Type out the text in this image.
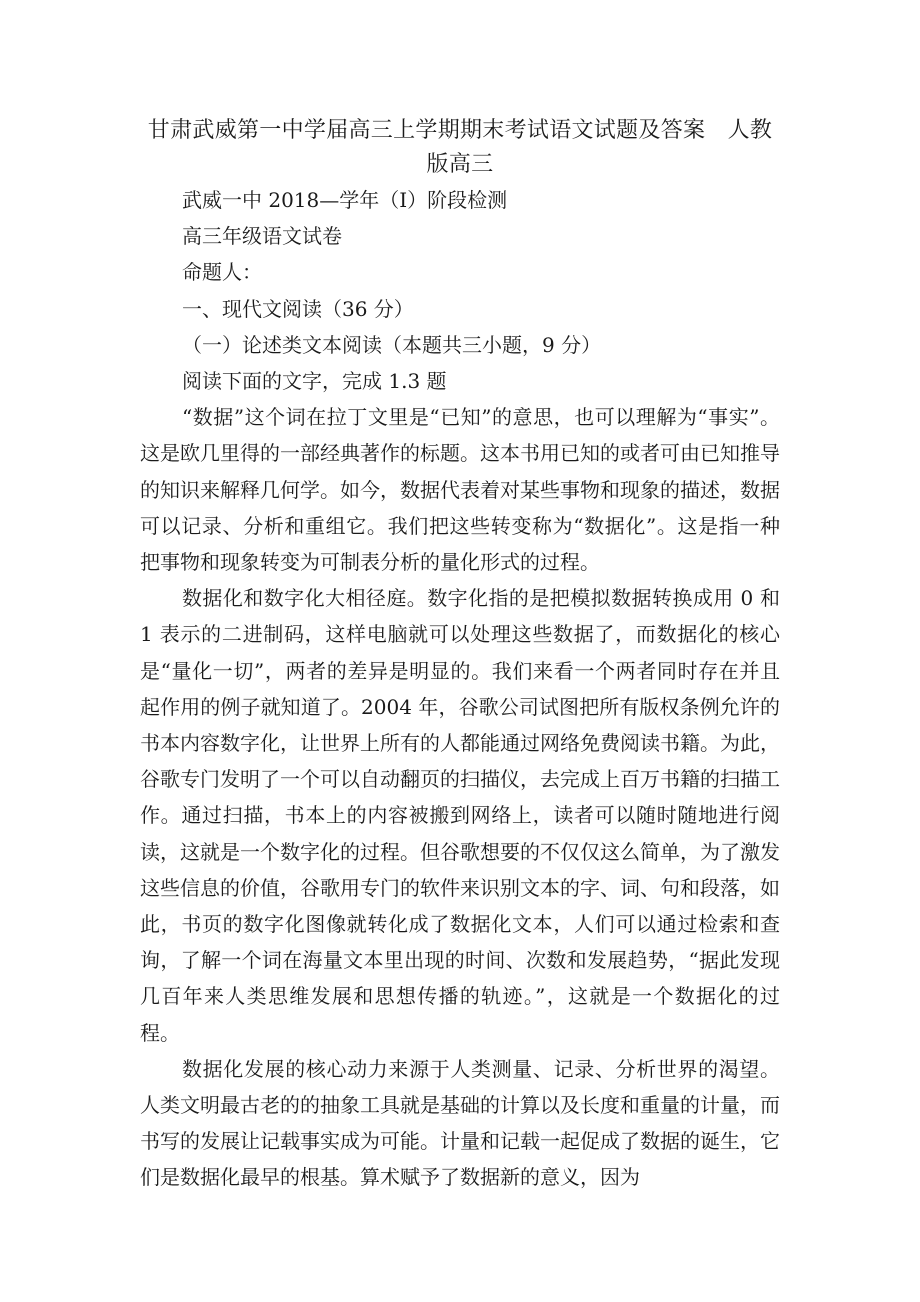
甘肃武威第一中学届高三上学期期末考试语文试题及答案　人教版高三

武威一中 2018—学年（I）阶段检测

高三年级语文试卷

命题人：

一、现代文阅读（36 分）

（一）论述类文本阅读（本题共三小题，9 分）

阅读下面的文字，完成 1.3 题

“数据”这个词在拉丁文里是“已知”的意思，也可以理解为“事实”。这是欧几里得的一部经典著作的标题。这本书用已知的或者可由已知推导的知识来解释几何学。如今，数据代表着对某些事物和现象的描述，数据可以记录、分析和重组它。我们把这些转变称为“数据化”。这是指一种把事物和现象转变为可制表分析的量化形式的过程。

数据化和数字化大相径庭。数字化指的是把模拟数据转换成用 0 和 1 表示的二进制码，这样电脑就可以处理这些数据了，而数据化的核心是“量化一切”，两者的差异是明显的。我们来看一个两者同时存在并且起作用的例子就知道了。2004 年，谷歌公司试图把所有版权条例允许的书本内容数字化，让世界上所有的人都能通过网络免费阅读书籍。为此，谷歌专门发明了一个可以自动翻页的扫描仪，去完成上百万书籍的扫描工作。通过扫描，书本上的内容被搬到网络上，读者可以随时随地进行阅读，这就是一个数字化的过程。但谷歌想要的不仅仅这么简单，为了激发这些信息的价值，谷歌用专门的软件来识别文本的字、词、句和段落，如此，书页的数字化图像就转化成了数据化文本，人们可以通过检索和查询，了解一个词在海量文本里出现的时间、次数和发展趋势，“据此发现几百年来人类思维发展和思想传播的轨迹。”，这就是一个数据化的过程。

数据化发展的核心动力来源于人类测量、记录、分析世界的渴望。人类文明最古老的的抽象工具就是基础的计算以及长度和重量的计量，而书写的发展让记载事实成为可能。计量和记载一起促成了数据的诞生，它们是数据化最早的根基。算术赋予了数据新的意义，因为
